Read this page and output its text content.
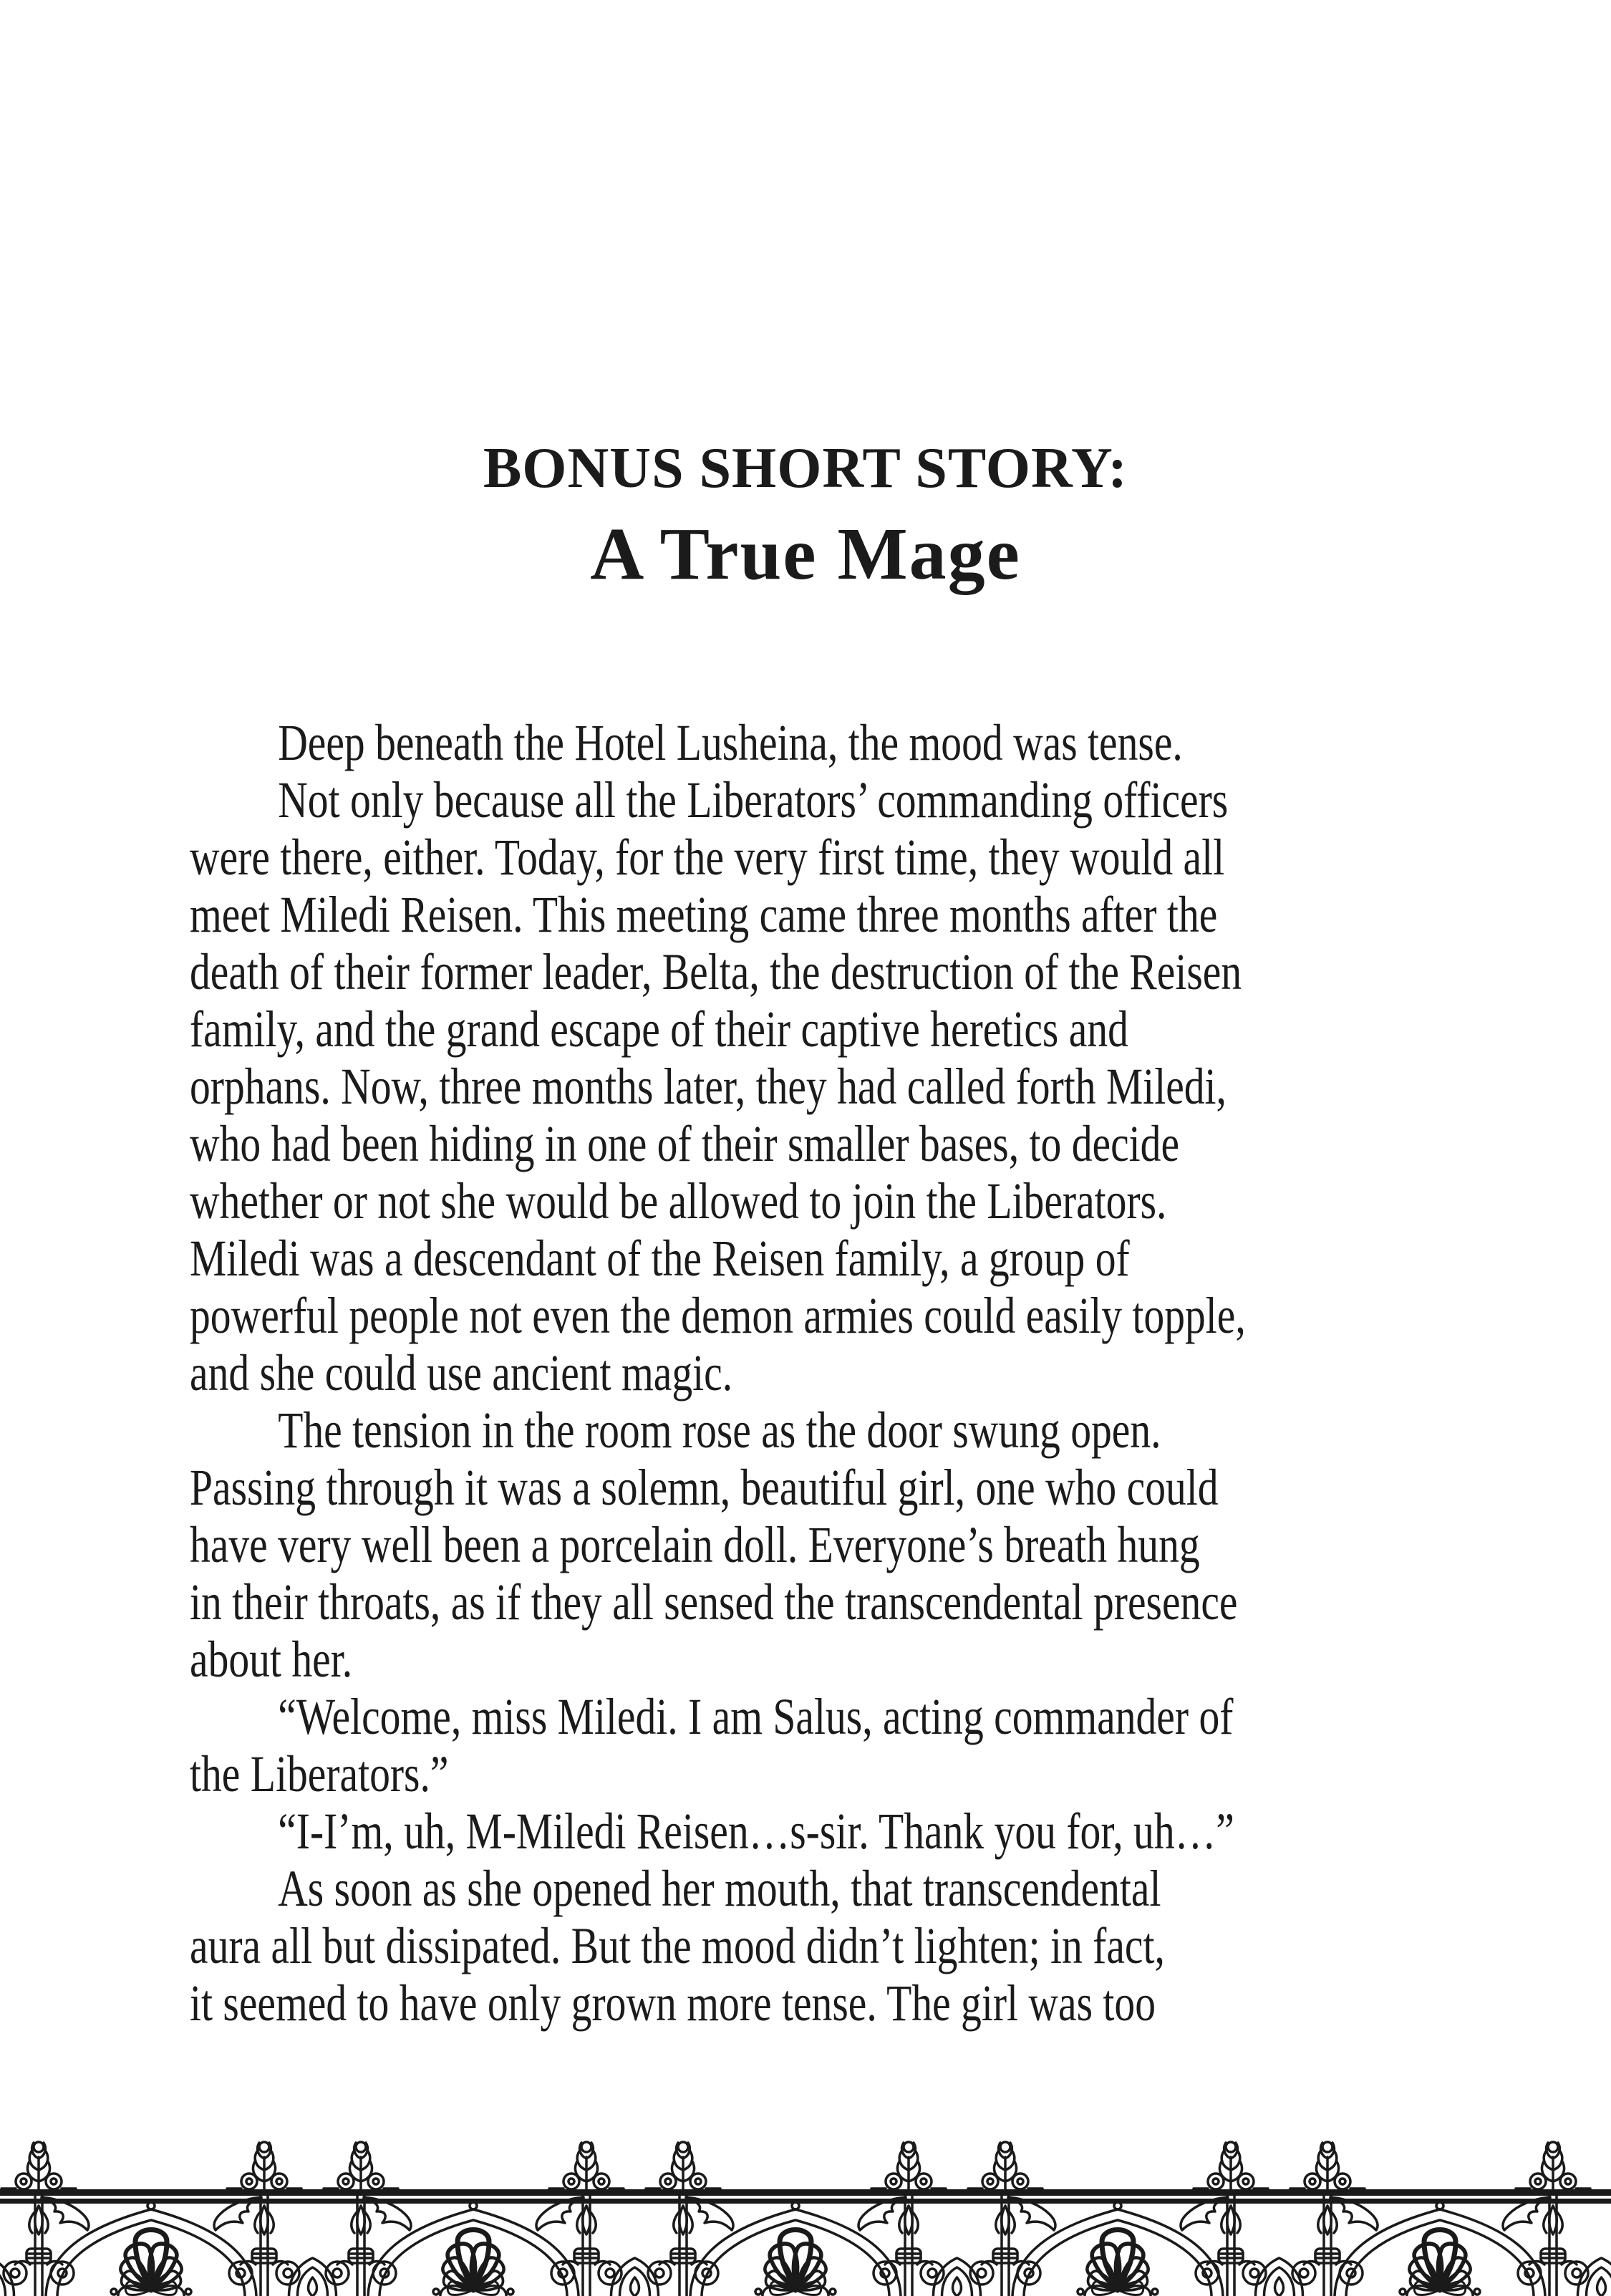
BONUS SHORT STORY:
A True Mage
Deep beneath the Hotel Lusheina, the mood was tense.
Not only because all the Liberators’ commanding officers
were there, either. Today, for the very first time, they would all
meet Miledi Reisen. This meeting came three months after the
death of their former leader, Belta, the destruction of the Reisen
family, and the grand escape of their captive heretics and
orphans. Now, three months later, they had called forth Miledi,
who had been hiding in one of their smaller bases, to decide
whether or not she would be allowed to join the Liberators.
Miledi was a descendant of the Reisen family, a group of
powerful people not even the demon armies could easily topple,
and she could use ancient magic.
The tension in the room rose as the door swung open.
Passing through it was a solemn, beautiful girl, one who could
have very well been a porcelain doll. Everyone’s breath hung
in their throats, as if they all sensed the transcendental presence
about her.
“Welcome, miss Miledi. I am Salus, acting commander of
the Liberators.”
“I-I’m, uh, M-Miledi Reisen…s-sir. Thank you for, uh…”
As soon as she opened her mouth, that transcendental
aura all but dissipated. But the mood didn’t lighten; in fact,
it seemed to have only grown more tense. The girl was too
